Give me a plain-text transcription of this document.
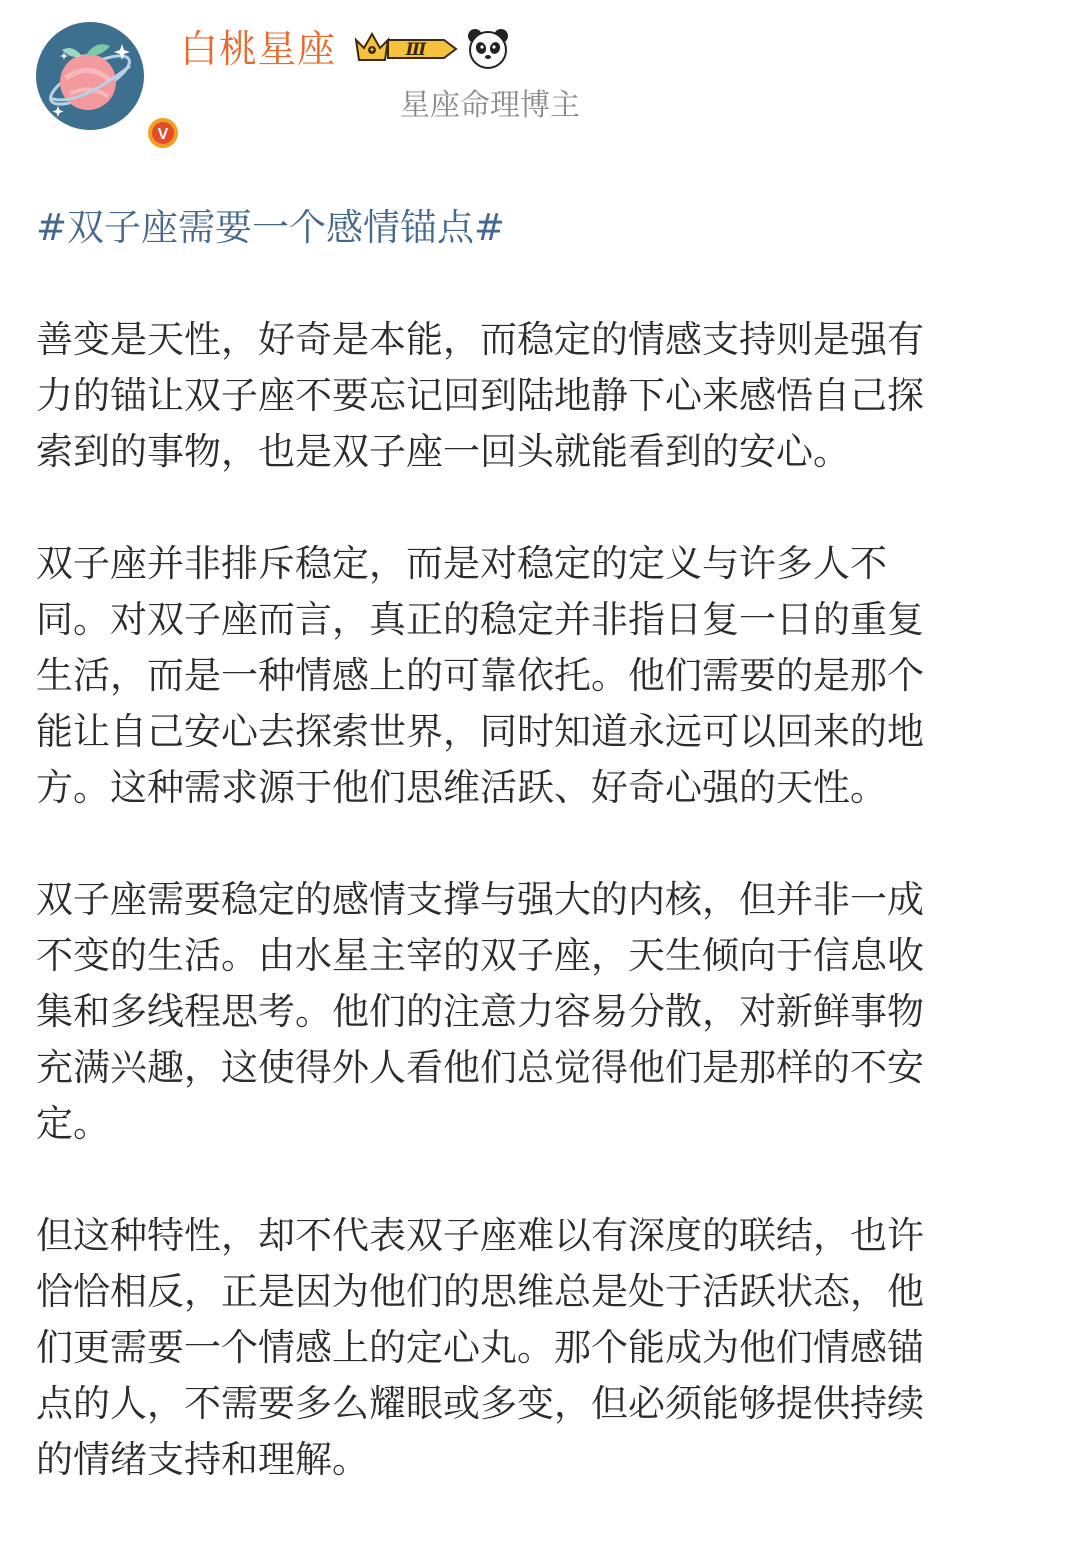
V
白桃星座	Ⅲ
星座命理博主
#双子座需要一个感情锚点#
善变是天性，好奇是本能，而稳定的情感支持则是强有
力的锚让双子座不要忘记回到陆地静下心来感悟自己探
索到的事物，也是双子座一回头就能看到的安心。
双子座并非排斥稳定，而是对稳定的定义与许多人不
同。对双子座而言，真正的稳定并非指日复一日的重复
生活，而是一种情感上的可靠依托。他们需要的是那个
能让自己安心去探索世界，同时知道永远可以回来的地
方。这种需求源于他们思维活跃、好奇心强的天性。
双子座需要稳定的感情支撑与强大的内核，但并非一成
不变的生活。由水星主宰的双子座，天生倾向于信息收
集和多线程思考。他们的注意力容易分散，对新鲜事物
充满兴趣，这使得外人看他们总觉得他们是那样的不安
定。
但这种特性，却不代表双子座难以有深度的联结，也许
恰恰相反，正是因为他们的思维总是处于活跃状态，他
们更需要一个情感上的定心丸。那个能成为他们情感锚
点的人，不需要多么耀眼或多变，但必须能够提供持续
的情绪支持和理解。
